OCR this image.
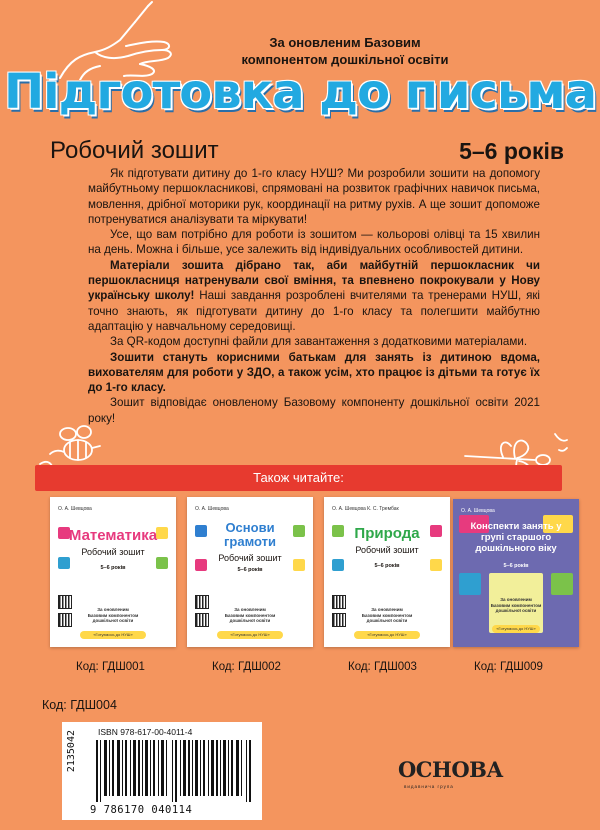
За оновленим Базовим
компонентом дошкільної освіти
Підготовка до письма
Робочий зошит	5–6 років

Як підготувати дитину до 1-го класу НУШ? Ми розробили зошити на допомогу майбутньому першокласникові, спрямовані на розвиток графічних навичок письма, мовлення, дрібної моторики рук, координації на ритму рухів. А ще зошит допоможе потренуватися аналізувати та міркувати!

Усе, що вам потрібно для роботи із зошитом — кольорові олівці та 15 хвилин на день. Можна і більше, усе залежить від індивідуальних особливостей дитини.

Матеріали зошита дібрано так, аби майбутній першокласник чи першокласниця натренували свої вміння, та впевнено покрокували у Нову українську школу! Наші завдання розроблені вчителями та тренерами НУШ, які точно знають, як підготувати дитину до 1-го класу та полегшити майбутню адаптацію у навчальному середовищі.

За QR-кодом доступні файли для завантаження з додатковими матеріалами.

Зошити стануть корисними батькам для занять із дитиною вдома, вихователям для роботи у ЗДО, а також усім, хто працює із дітьми та готує їх до 1-го класу.

Зошит відповідає оновленому Базовому компоненту дошкільної освіти 2021 року!

Також читайте:
О. А. Шевцова
Математика
Робочий зошит
5–6 років
За оновленим
Базовим компонентом
дошкільної освіти
«Готуємось до НУШ»
Код: ГДШ001
О. А. Шевцова
Основи грамоти
Робочий зошит
5–6 років
За оновленим
Базовим компонентом
дошкільної освіти
«Готуємось до НУШ»
Код: ГДШ002
О. А. Шевцова К. С. Трембак
Природа
Робочий зошит
5–6 років
За оновленим
Базовим компонентом
дошкільної освіти
«Готуємось до НУШ»
Код: ГДШ003
О. А. Шевцова
Конспекти занять у групі старшого дошкільного віку
5–6 років
За оновленим
Базовим компонентом
дошкільної освіти
«Готуємось до НУШ»
Код: ГДШ009
Код: ГДШ004
ISBN 978-617-00-4011-4
2135042
9 786170 040114
ОСНОВА
видавнича група
